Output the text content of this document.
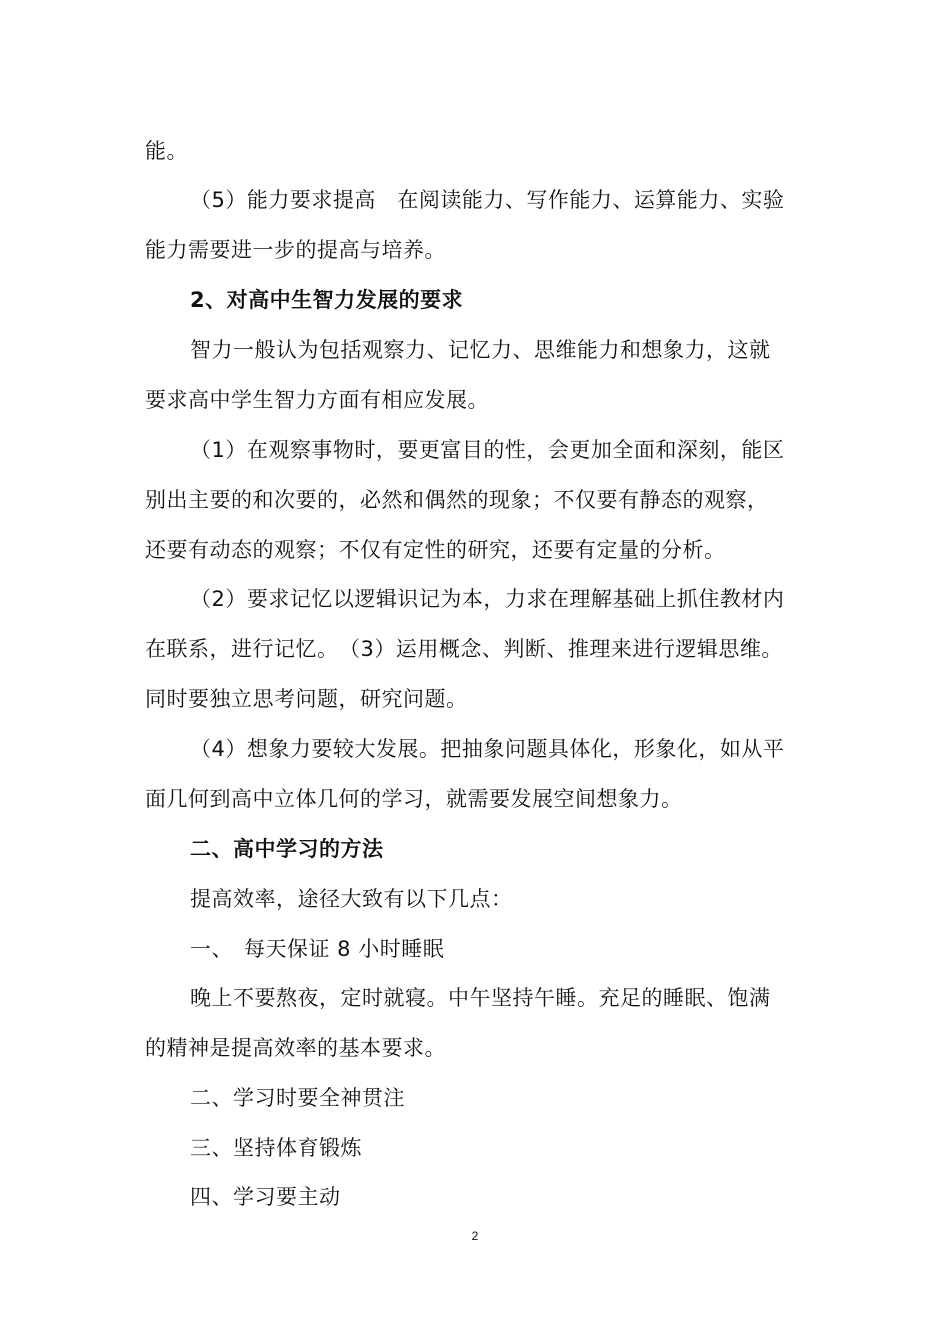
能。
（5）能力要求提高　在阅读能力、写作能力、运算能力、实验
能力需要进一步的提高与培养。
2、对高中生智力发展的要求
智力一般认为包括观察力、记忆力、思维能力和想象力，这就
要求高中学生智力方面有相应发展。
（1）在观察事物时，要更富目的性，会更加全面和深刻，能区
别出主要的和次要的，必然和偶然的现象；不仅要有静态的观察，
还要有动态的观察；不仅有定性的研究，还要有定量的分析。
（2）要求记忆以逻辑识记为本，力求在理解基础上抓住教材内
在联系，进行记忆。　（3）运用概念、判断、推理来进行逻辑思维。
同时要独立思考问题，研究问题。
（4）想象力要较大发展。把抽象问题具体化，形象化，如从平
面几何到高中立体几何的学习，就需要发展空间想象力。
二、高中学习的方法
提高效率，途径大致有以下几点：
一、　每天保证 8 小时睡眠
晚上不要熬夜，定时就寝。中午坚持午睡。充足的睡眠、饱满
的精神是提高效率的基本要求。
二、学习时要全神贯注
三、坚持体育锻炼
四、学习要主动
2
